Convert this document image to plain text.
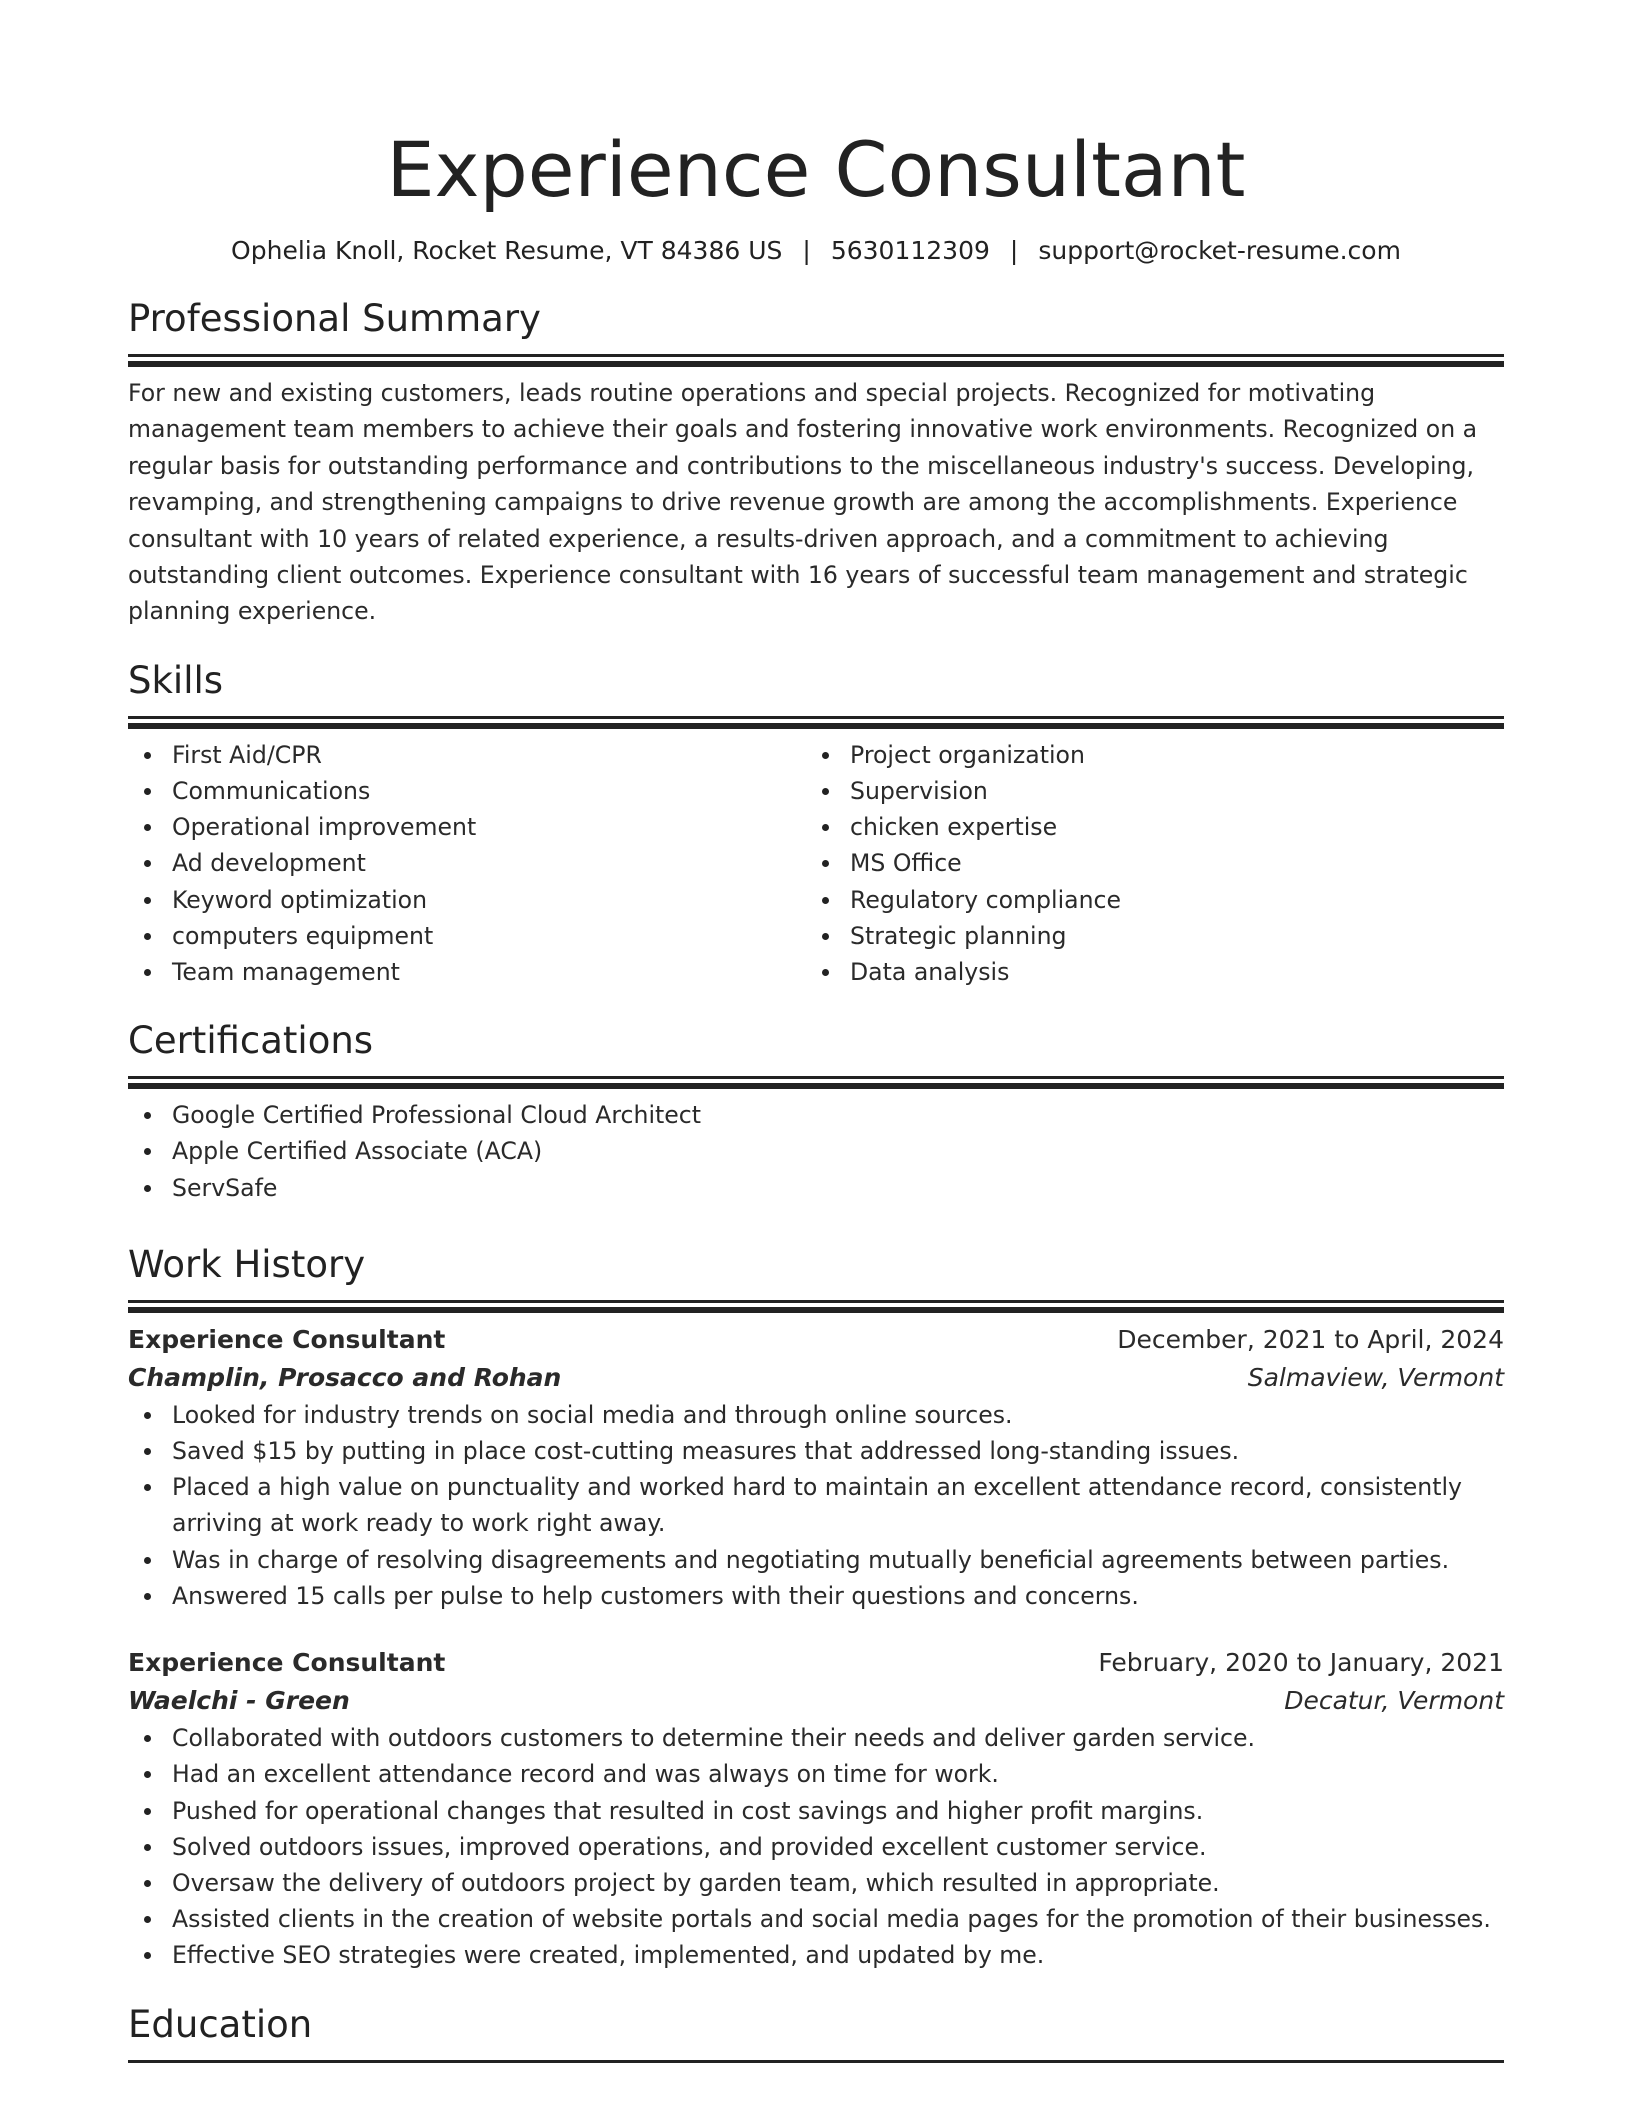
Experience Consultant
Ophelia Knoll, Rocket Resume, VT 84386 US | 5630112309 | support@rocket-resume.com
Professional Summary

For new and existing customers, leads routine operations and special projects. Recognized for motivating management team members to achieve their goals and fostering innovative work environments. Recognized on a regular basis for outstanding performance and contributions to the miscellaneous industry's success. Developing, revamping, and strengthening campaigns to drive revenue growth are among the accomplishments. Experience consultant with 10 years of related experience, a results-driven approach, and a commitment to achieving outstanding client outcomes. Experience consultant with 16 years of successful team management and strategic planning experience.

Skills
First Aid/CPR
Communications
Operational improvement
Ad development
Keyword optimization
computers equipment
Team management
Project organization
Supervision
chicken expertise
MS Office
Regulatory compliance
Strategic planning
Data analysis
Certifications
Google Certified Professional Cloud Architect
Apple Certified Associate (ACA)
ServSafe
Work History
Experience Consultant	December, 2021 to April, 2024
Champlin, Prosacco and Rohan	Salmaview, Vermont
Looked for industry trends on social media and through online sources.
Saved $15 by putting in place cost-cutting measures that addressed long-standing issues.
Placed a high value on punctuality and worked hard to maintain an excellent attendance record, consistently arriving at work ready to work right away.
Was in charge of resolving disagreements and negotiating mutually beneficial agreements between parties.
Answered 15 calls per pulse to help customers with their questions and concerns.
Experience Consultant	February, 2020 to January, 2021
Waelchi - Green	Decatur, Vermont
Collaborated with outdoors customers to determine their needs and deliver garden service.
Had an excellent attendance record and was always on time for work.
Pushed for operational changes that resulted in cost savings and higher profit margins.
Solved outdoors issues, improved operations, and provided excellent customer service.
Oversaw the delivery of outdoors project by garden team, which resulted in appropriate.
Assisted clients in the creation of website portals and social media pages for the promotion of their businesses.
Effective SEO strategies were created, implemented, and updated by me.
Education
